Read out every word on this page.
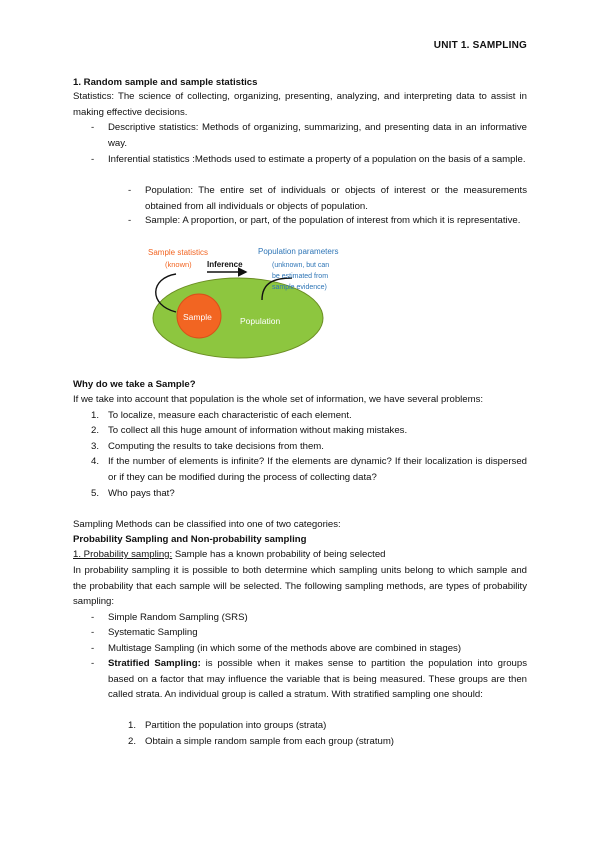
UNIT 1. SAMPLING
1. Random sample and sample statistics
Statistics: The science of collecting, organizing, presenting, analyzing, and interpreting data to assist in making effective decisions.
- Descriptive statistics: Methods of organizing, summarizing, and presenting data in an informative way.
- Inferential statistics :Methods used to estimate a property of a population on the basis of a sample.
- Population: The entire set of individuals or objects of interest or the measurements obtained from all individuals or objects of population.
- Sample: A proportion, or part, of the population of interest from which it is representative.
Sample statistics
(known) Inference
Population parameters
(unknown, but can
be estimated from
sample evidence)
Sample	Population
Why do we take a Sample?
If we take into account that population is the whole set of information, we have several problems:
1. To localize, measure each characteristic of each element.
2. To collect all this huge amount of information without making mistakes.
3. Computing the results to take decisions from them.
4. If the number of elements is infinite? If the elements are dynamic? If their localization is dispersed or if they can be modified during the process of collecting data?
5. Who pays that?
Sampling Methods can be classified into one of two categories:
Probability Sampling and Non-probability sampling
1. Probability sampling: Sample has a known probability of being selected
In probability sampling it is possible to both determine which sampling units belong to which sample and the probability that each sample will be selected. The following sampling methods, are types of probability sampling:
- Simple Random Sampling (SRS)
- Systematic Sampling
- Multistage Sampling (in which some of the methods above are combined in stages)
- Stratified Sampling: is possible when it makes sense to partition the population into groups based on a factor that may influence the variable that is being measured. These groups are then called strata. An individual group is called a stratum. With stratified sampling one should:
1. Partition the population into groups (strata)
2. Obtain a simple random sample from each group (stratum)
